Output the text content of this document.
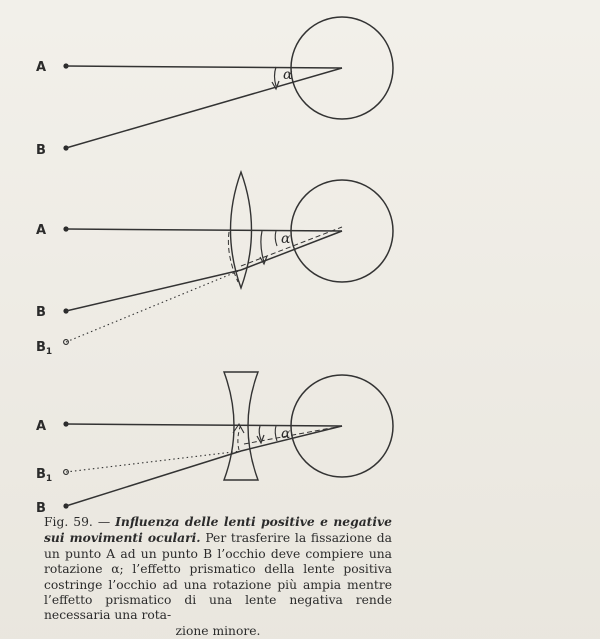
A
B
α
A
B
$B_1$
α
A
$B_1$
B
α
Fig. 59. — Influenza delle lenti positive e negative sui movimenti oculari. Per trasferire la fissazione da un punto A ad un punto B l’occhio deve compiere una rotazione α; l’effetto prismatico della lente positiva costringe l’occhio ad una rotazione più ampia mentre l’effetto prismatico di una lente negativa rende necessaria una rota-
zione minore.
